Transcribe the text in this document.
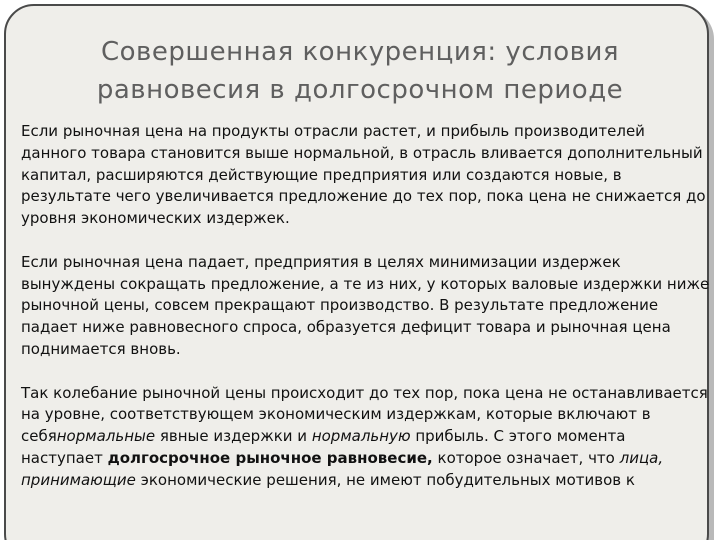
Совершенная конкуренция: условия
равновесия в долгосрочном периоде

Если рыночная цена на продукты отрасли растет, и прибыль производителей данного товара становится выше нормальной, в отрасль вливается дополнительный капитал, расширяются действующие предприятия или создаются новые, в результате чего увеличивается предложение до тех пор, пока цена не снижается до уровня экономических издержек.

Если рыночная цена падает, предприятия в целях минимизации издержек вынуждены сокращать предложение, а те из них, у которых валовые издержки ниже рыночной цены, совсем прекращают производство. В результате предложение падает ниже равновесного спроса, образуется дефицит товара и рыночная цена поднимается вновь.

Так колебание рыночной цены происходит до тех пор, пока цена не останавливается на уровне, соответствующем экономическим издержкам, которые включают в себянормальные явные издержки и нормальную прибыль. С этого момента наступает долгосрочное рыночное равновесие, которое означает, что лица, принимающие экономические решения, не имеют побудительных мотивов к
